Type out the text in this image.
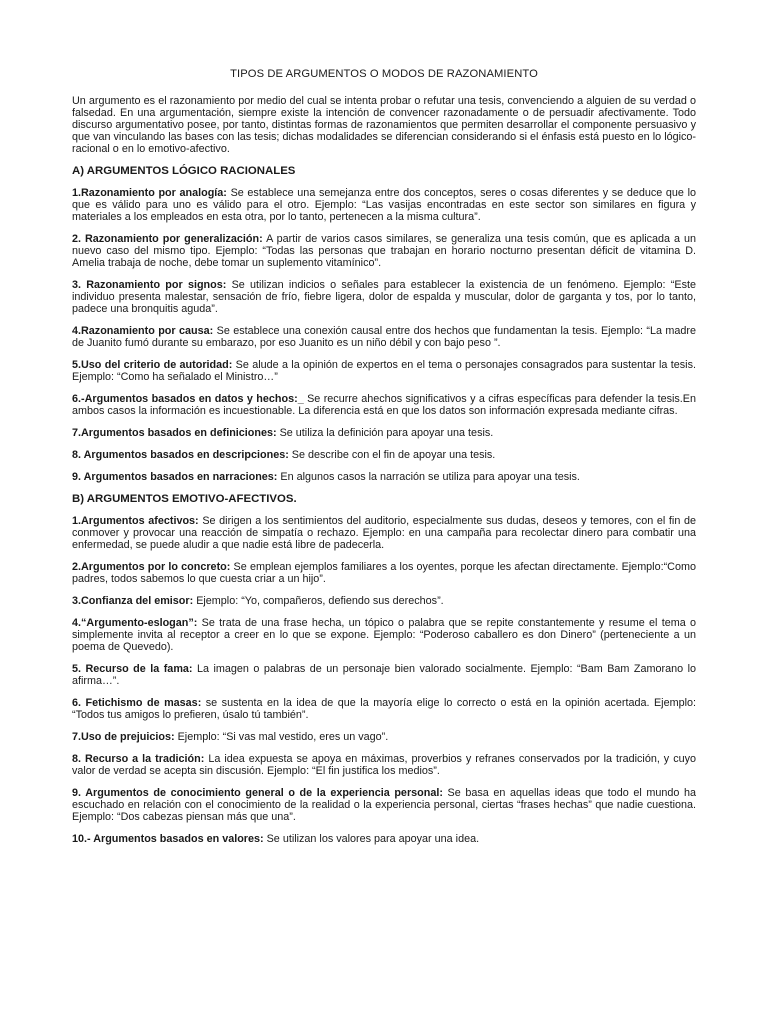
TIPOS DE ARGUMENTOS O MODOS DE RAZONAMIENTO

Un argumento es el razonamiento por medio del cual se intenta probar o refutar una tesis, convenciendo a alguien de su verdad o falsedad. En una argumentación, siempre existe la intención de convencer razonadamente o de persuadir afectivamente. Todo discurso argumentativo posee, por tanto, distintas formas de razonamientos que permiten desarrollar el componente persuasivo y que van vinculando las bases con las tesis; dichas modalidades se diferencian considerando si el énfasis está puesto en lo lógico-racional o en lo emotivo-afectivo.

A) ARGUMENTOS LÓGICO RACIONALES

1.Razonamiento por analogía: Se establece una semejanza entre dos conceptos, seres o cosas diferentes y se deduce que lo que es válido para uno es válido para el otro. Ejemplo: “Las vasijas encontradas en este sector son similares en figura y materiales a los empleados en esta otra, por lo tanto, pertenecen a la misma cultura”.

2. Razonamiento por generalización: A partir de varios casos similares, se generaliza una tesis común, que es aplicada a un nuevo caso del mismo tipo. Ejemplo: “Todas las personas que trabajan en horario nocturno presentan déficit de vitamina D. Amelia trabaja de noche, debe tomar un suplemento vitamínico”.

3. Razonamiento por signos: Se utilizan indicios o señales para establecer la existencia de un fenómeno. Ejemplo: “Este individuo presenta malestar, sensación de frío, fiebre ligera, dolor de espalda y muscular, dolor de garganta y tos, por lo tanto, padece una bronquitis aguda”.

4.Razonamiento por causa: Se establece una conexión causal entre dos hechos que fundamentan la tesis. Ejemplo: “La madre de Juanito fumó durante su embarazo, por eso Juanito es un niño débil y con bajo peso ”.

5.Uso del criterio de autoridad: Se alude a la opinión de expertos en el tema o personajes consagrados para sustentar la tesis. Ejemplo: “Como ha señalado el Ministro…”

6.-Argumentos basados en datos y hechos:_ Se recurre ahechos significativos y a cifras específicas para defender la tesis.En ambos casos la información es incuestionable. La diferencia está en que los datos son información expresada mediante cifras.

7.Argumentos basados en definiciones: Se utiliza la definición para apoyar una tesis.

8. Argumentos basados en descripciones: Se describe con el fin de apoyar una tesis.

9. Argumentos basados en narraciones: En algunos casos la narración se utiliza para apoyar una tesis.

B) ARGUMENTOS EMOTIVO-AFECTIVOS.

1.Argumentos afectivos: Se dirigen a los sentimientos del auditorio, especialmente sus dudas, deseos y temores, con el fin de conmover y provocar una reacción de simpatía o rechazo. Ejemplo: en una campaña para recolectar dinero para combatir una enfermedad, se puede aludir a que nadie está libre de padecerla.

2.Argumentos por lo concreto: Se emplean ejemplos familiares a los oyentes, porque les afectan directamente. Ejemplo:“Como padres, todos sabemos lo que cuesta criar a un hijo”.

3.Confianza del emisor: Ejemplo: “Yo, compañeros, defiendo sus derechos”.

4.“Argumento-eslogan”: Se trata de una frase hecha, un tópico o palabra que se repite constantemente y resume el tema o simplemente invita al receptor a creer en lo que se expone. Ejemplo: “Poderoso caballero es don Dinero” (perteneciente a un poema de Quevedo).

5. Recurso de la fama: La imagen o palabras de un personaje bien valorado socialmente. Ejemplo: “Bam Bam Zamorano lo afirma…”.

6. Fetichismo de masas: se sustenta en la idea de que la mayoría elige lo correcto o está en la opinión acertada. Ejemplo: “Todos tus amigos lo prefieren, úsalo tú también”.

7.Uso de prejuicios: Ejemplo: “Si vas mal vestido, eres un vago”.

8. Recurso a la tradición: La idea expuesta se apoya en máximas, proverbios y refranes conservados por la tradición, y cuyo valor de verdad se acepta sin discusión. Ejemplo: “El fin justifica los medios”.

9. Argumentos de conocimiento general o de la experiencia personal: Se basa en aquellas ideas que todo el mundo ha escuchado en relación con el conocimiento de la realidad o la experiencia personal, ciertas “frases hechas” que nadie cuestiona. Ejemplo: “Dos cabezas piensan más que una”.

10.- Argumentos basados en valores: Se utilizan los valores para apoyar una idea.
